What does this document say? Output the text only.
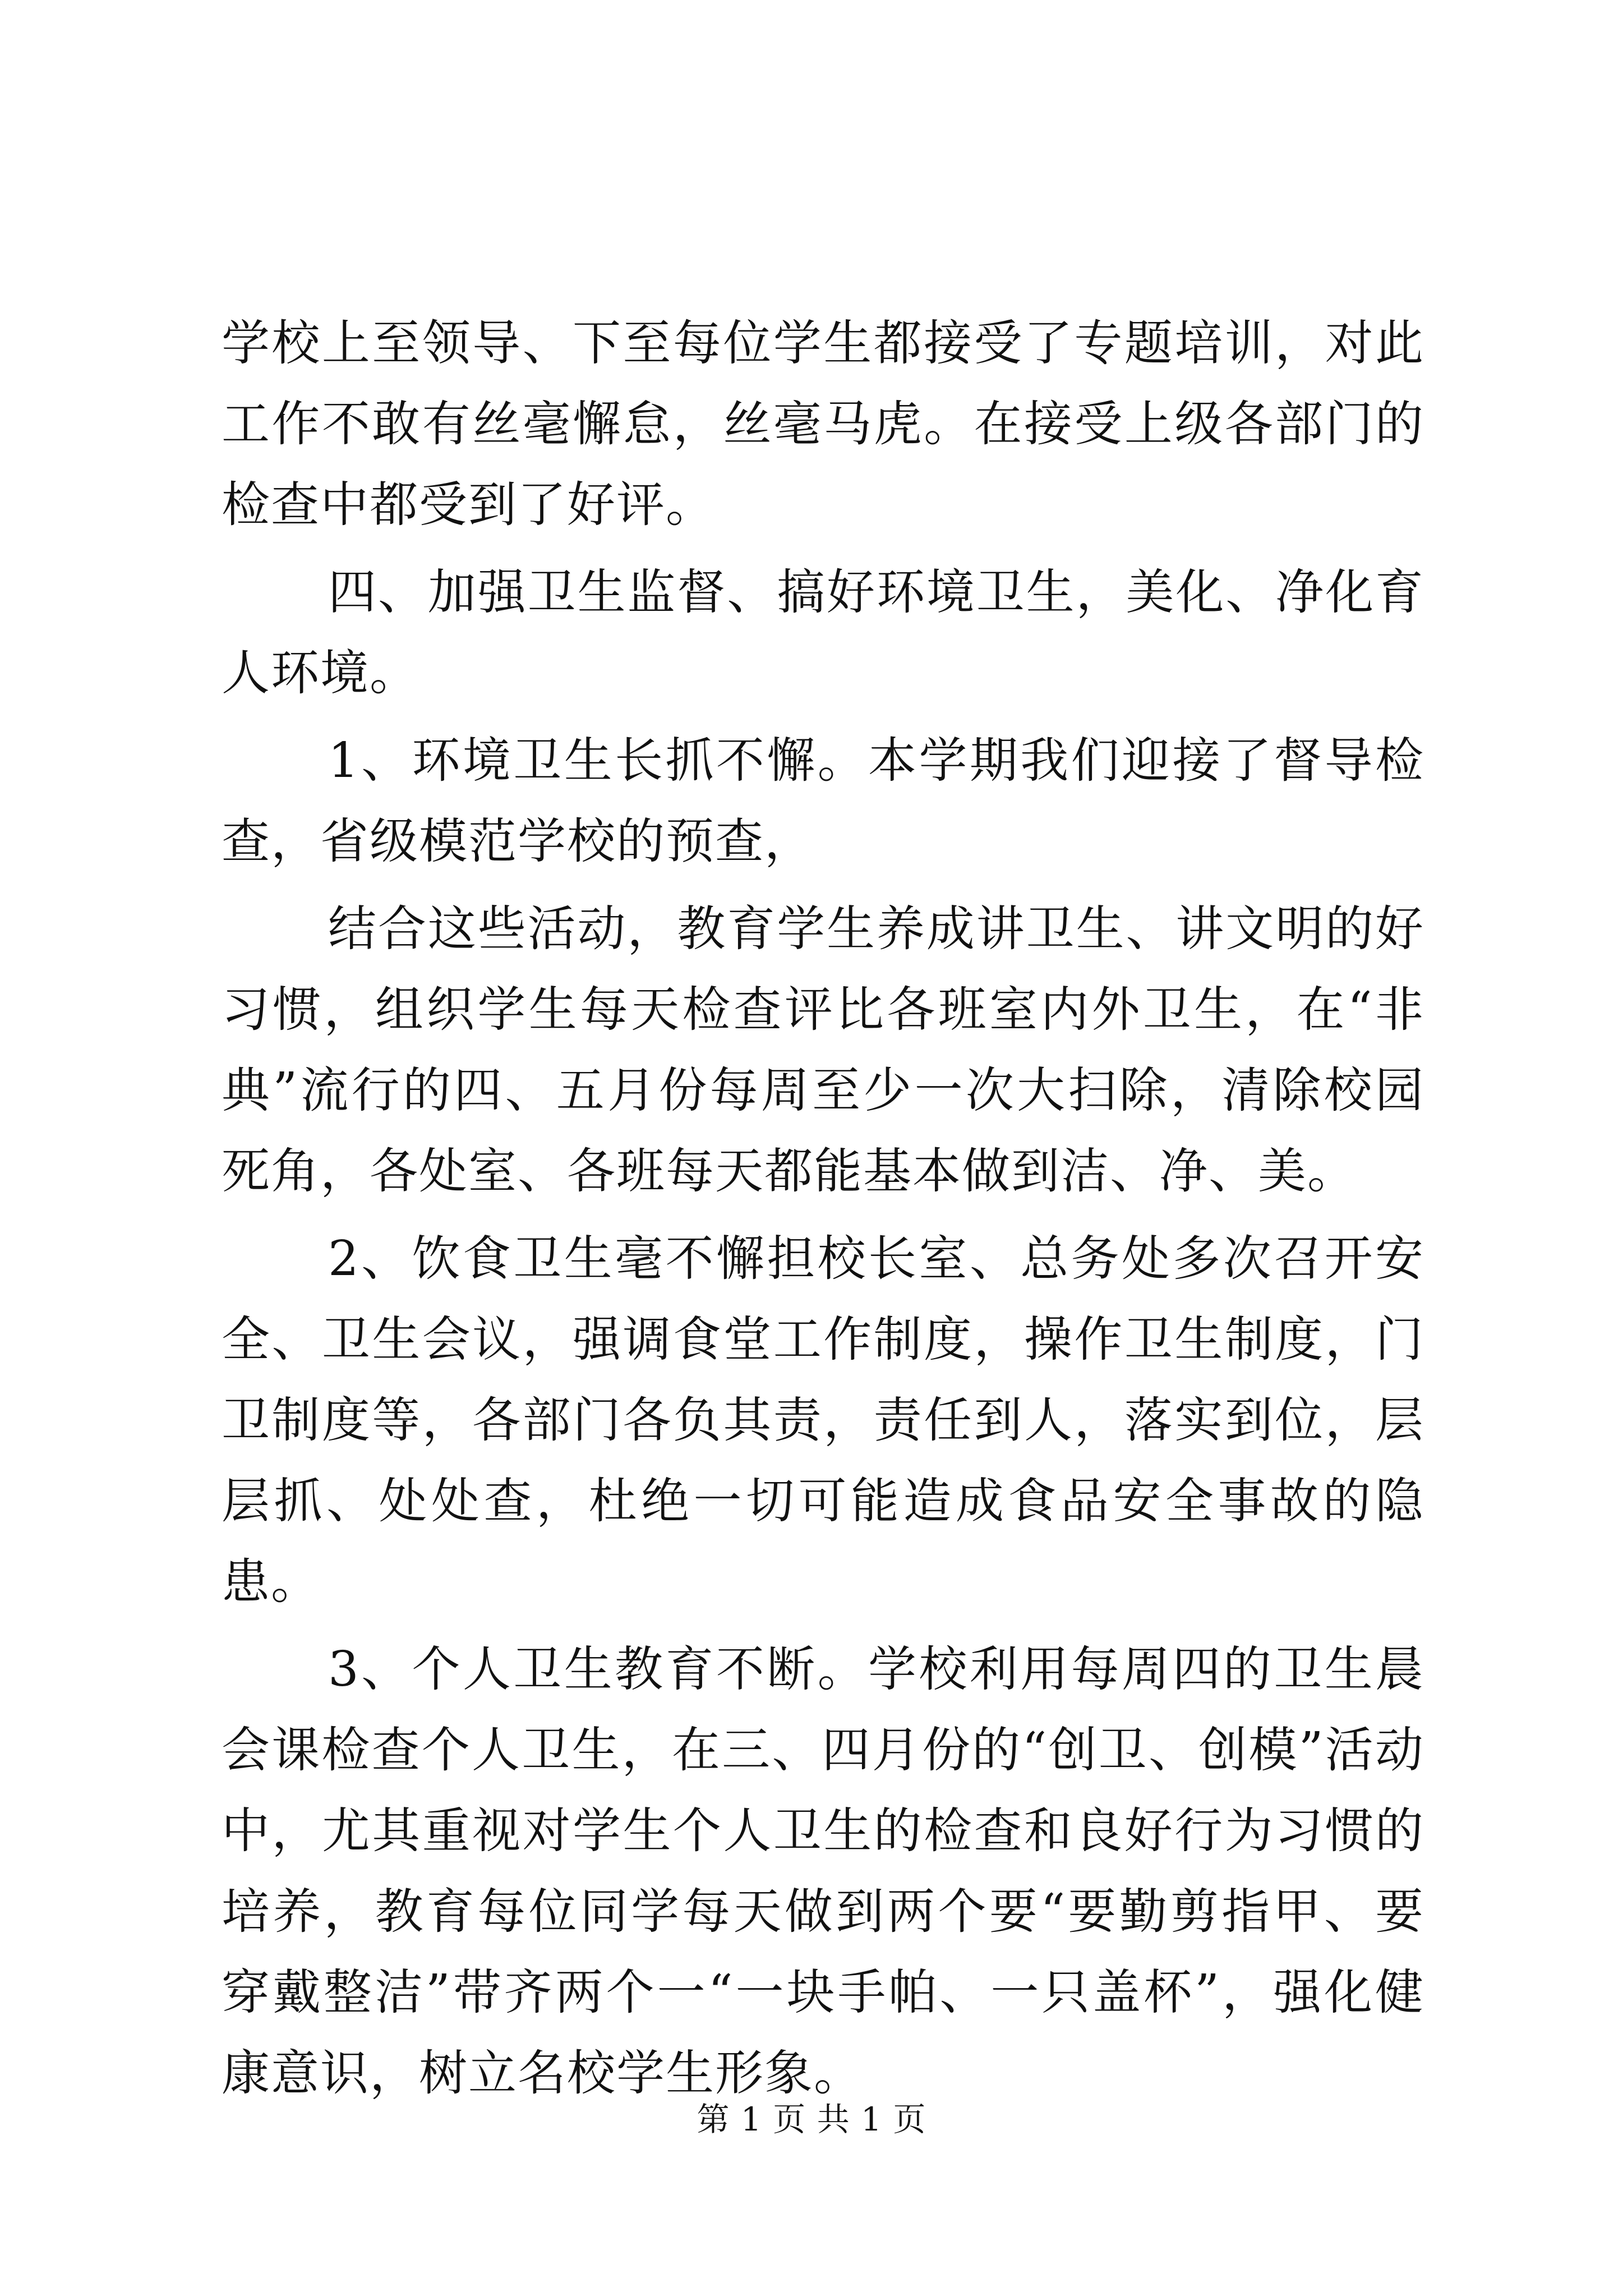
学校上至领导、下至每位学生都接受了专题培训，对此工作不敢有丝毫懈怠，丝毫马虎。在接受上级各部门的检查中都受到了好评。

四、加强卫生监督、搞好环境卫生，美化、净化育人环境。

1、环境卫生长抓不懈。本学期我们迎接了督导检查，省级模范学校的预查，

结合这些活动，教育学生养成讲卫生、讲文明的好习惯，组织学生每天检查评比各班室内外卫生，在“非典”流行的四、五月份每周至少一次大扫除，清除校园死角，各处室、各班每天都能基本做到洁、净、美。

2、饮食卫生毫不懈担校长室、总务处多次召开安全、卫生会议，强调食堂工作制度，操作卫生制度，门卫制度等，各部门各负其责，责任到人，落实到位，层层抓、处处查，杜绝一切可能造成食品安全事故的隐患。

3、个人卫生教育不断。学校利用每周四的卫生晨会课检查个人卫生，在三、四月份的“创卫、创模”活动中，尤其重视对学生个人卫生的检查和良好行为习惯的培养，教育每位同学每天做到两个要“要勤剪指甲、要穿戴整洁”带齐两个一“一块手帕、一只盖杯”，强化健康意识，树立名校学生形象。

第 1 页 共 1 页
